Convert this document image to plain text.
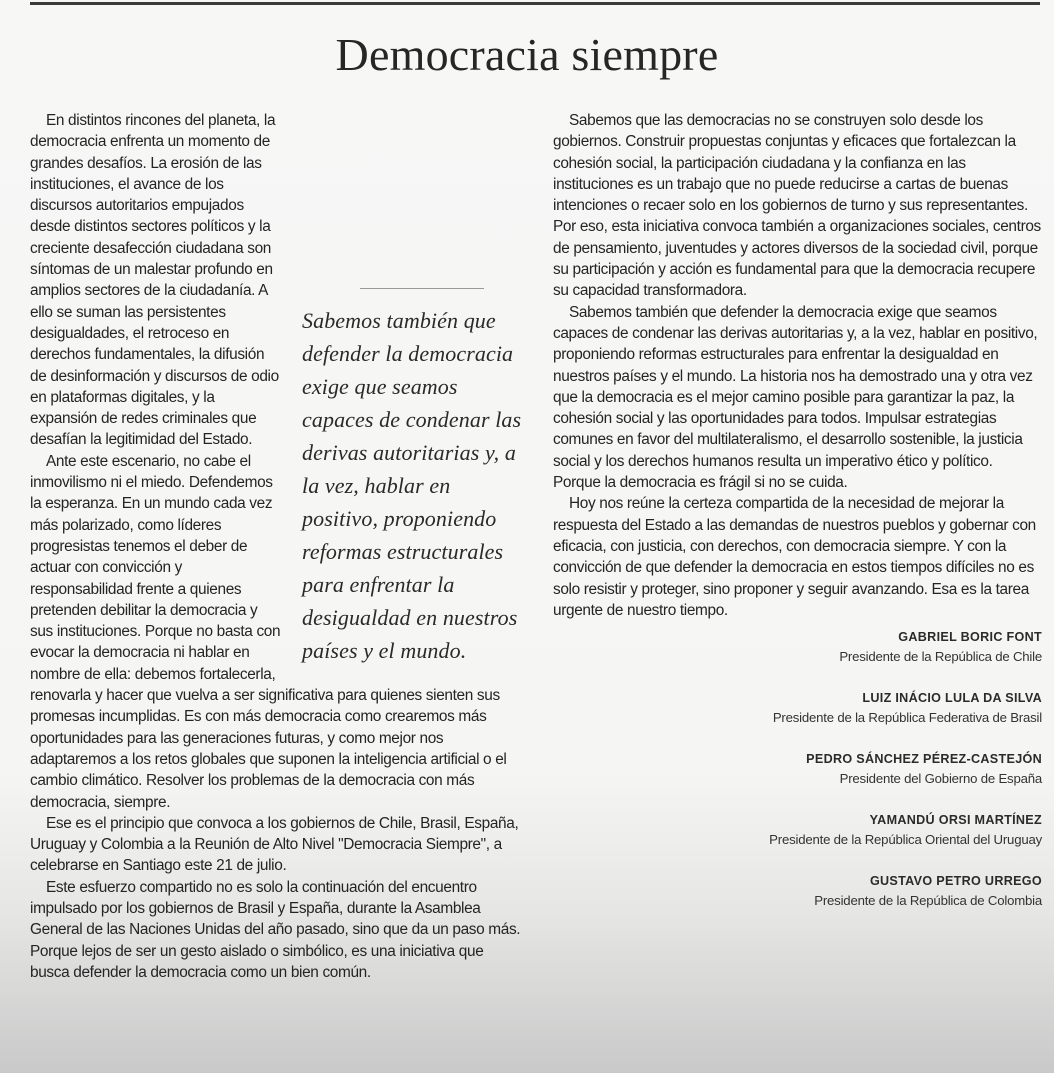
Democracia siempre

Sabemos también que defender la democracia exige que seamos capaces de condenar las derivas autoritarias y, a la vez, hablar en positivo, proponiendo reformas estructurales para enfrentar la desigualdad en nuestros países y el mundo.

En distintos rincones del planeta, la democracia enfrenta un momento de grandes desafíos. La erosión de las instituciones, el avance de los discursos autoritarios empujados desde distintos sectores políticos y la creciente desafección ciudadana son síntomas de un malestar profundo en amplios sectores de la ciudadanía. A ello se suman las persistentes desigualdades, el retroceso en derechos fundamentales, la difusión de desinformación y discursos de odio en plataformas digitales, y la expansión de redes criminales que desafían la legitimidad del Estado.

Ante este escenario, no cabe el inmovilismo ni el miedo. Defendemos la esperanza. En un mundo cada vez más polarizado, como líderes progresistas tenemos el deber de actuar con convicción y responsabilidad frente a quienes pretenden debilitar la democracia y sus instituciones. Porque no basta con evocar la democracia ni hablar en nombre de ella: debemos fortalecerla, renovarla y hacer que vuelva a ser significativa para quienes sienten sus promesas incumplidas. Es con más democracia como crearemos más oportunidades para las generaciones futuras, y como mejor nos adaptaremos a los retos globales que suponen la inteligencia artificial o el cambio climático. Resolver los problemas de la democracia con más democracia, siempre.

Ese es el principio que convoca a los gobiernos de Chile, Brasil, España, Uruguay y Colombia a la Reunión de Alto Nivel "Democracia Siempre", a celebrarse en Santiago este 21 de julio.

Este esfuerzo compartido no es solo la continuación del encuentro impulsado por los gobiernos de Brasil y España, durante la Asamblea General de las Naciones Unidas del año pasado, sino que da un paso más. Porque lejos de ser un gesto aislado o simbólico, es una iniciativa que busca defender la democracia como un bien común.

Sabemos que las democracias no se construyen solo desde los gobiernos. Construir propuestas conjuntas y eficaces que fortalezcan la cohesión social, la participación ciudadana y la confianza en las instituciones es un trabajo que no puede reducirse a cartas de buenas intenciones o recaer solo en los gobiernos de turno y sus representantes. Por eso, esta iniciativa convoca también a organizaciones sociales, centros de pensamiento, juventudes y actores diversos de la sociedad civil, porque su participación y acción es fundamental para que la democracia recupere su capacidad transformadora.

Sabemos también que defender la democracia exige que seamos capaces de condenar las derivas autoritarias y, a la vez, hablar en positivo, proponiendo reformas estructurales para enfrentar la desigualdad en nuestros países y el mundo. La historia nos ha demostrado una y otra vez que la democracia es el mejor camino posible para garantizar la paz, la cohesión social y las oportunidades para todos. Impulsar estrategias comunes en favor del multilateralismo, el desarrollo sostenible, la justicia social y los derechos humanos resulta un imperativo ético y político. Porque la democracia es frágil si no se cuida.

Hoy nos reúne la certeza compartida de la necesidad de mejorar la respuesta del Estado a las demandas de nuestros pueblos y gobernar con eficacia, con justicia, con derechos, con democracia siempre. Y con la convicción de que defender la democracia en estos tiempos difíciles no es solo resistir y proteger, sino proponer y seguir avanzando. Esa es la tarea urgente de nuestro tiempo.

GABRIEL BORIC FONT
Presidente de la República de Chile
LUIZ INÁCIO LULA DA SILVA
Presidente de la República Federativa de Brasil
PEDRO SÁNCHEZ PÉREZ-CASTEJÓN
Presidente del Gobierno de España
YAMANDÚ ORSI MARTÍNEZ
Presidente de la República Oriental del Uruguay
GUSTAVO PETRO URREGO
Presidente de la República de Colombia
